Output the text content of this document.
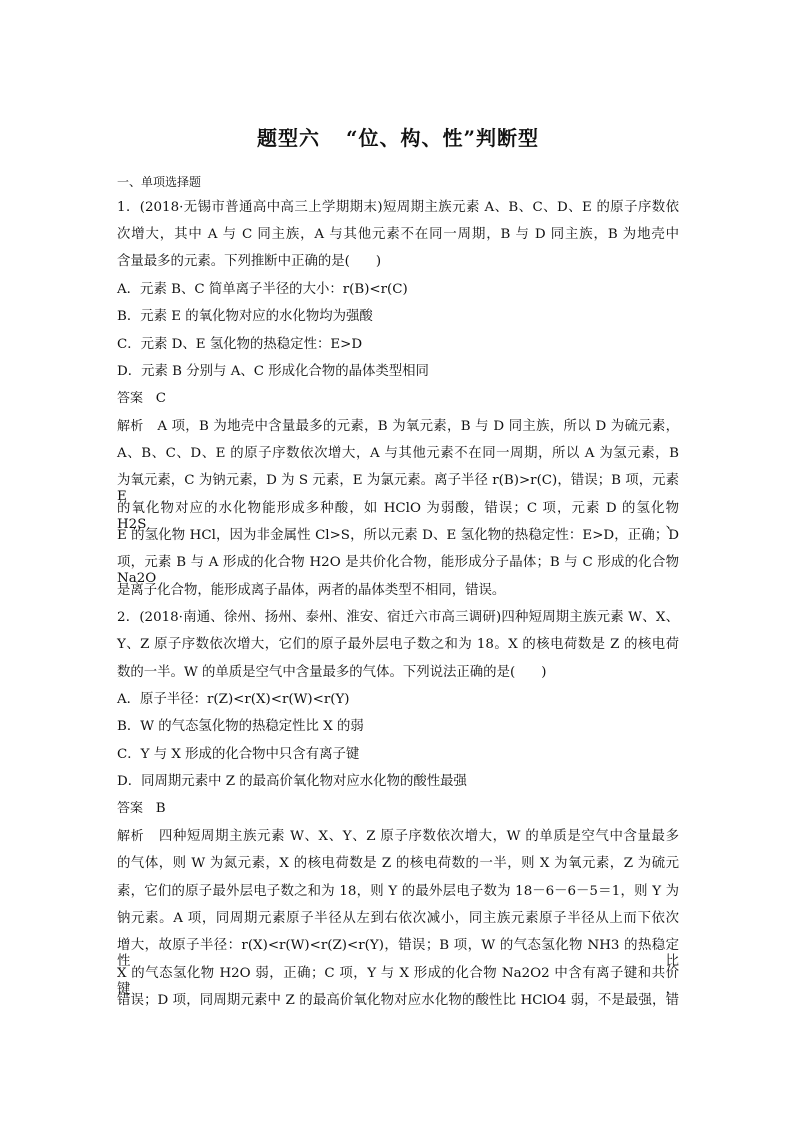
题型六 “位、构、性”判断型
一、单项选择题
1．(2018·无锡市普通高中高三上学期期末)短周期主族元素 A、B、C、D、E 的原子序数依
次增大，其中 A 与 C 同主族，A 与其他元素不在同一周期，B 与 D 同主族，B 为地壳中
含量最多的元素。下列推断中正确的是( )
A．元素 B、C 简单离子半径的大小：r(B)<r(C)
B．元素 E 的氧化物对应的水化物均为强酸
C．元素 D、E 氢化物的热稳定性：E>D
D．元素 B 分别与 A、C 形成化合物的晶体类型相同
答案 C
解析 A 项，B 为地壳中含量最多的元素，B 为氧元素，B 与 D 同主族，所以 D 为硫元素，
A、B、C、D、E 的原子序数依次增大，A 与其他元素不在同一周期，所以 A 为氢元素，B
为氧元素，C 为钠元素，D 为 S 元素，E 为氯元素。离子半径 r(B)>r(C)，错误；B 项，元素 E
的氧化物对应的水化物能形成多种酸，如 HClO 为弱酸，错误；C 项，元素 D 的氢化物 H2S、
E 的氢化物 HCl，因为非金属性 Cl>S，所以元素 D、E 氢化物的热稳定性：E>D，正确；D
项，元素 B 与 A 形成的化合物 H2O 是共价化合物，能形成分子晶体；B 与 C 形成的化合物 Na2O
是离子化合物，能形成离子晶体，两者的晶体类型不相同，错误。
2．(2018·南通、徐州、扬州、泰州、淮安、宿迁六市高三调研)四种短周期主族元素 W、X、
Y、Z 原子序数依次增大，它们的原子最外层电子数之和为 18。X 的核电荷数是 Z 的核电荷
数的一半。W 的单质是空气中含量最多的气体。下列说法正确的是( )
A．原子半径：r(Z)<r(X)<r(W)<r(Y)
B．W 的气态氢化物的热稳定性比 X 的弱
C．Y 与 X 形成的化合物中只含有离子键
D．同周期元素中 Z 的最高价氧化物对应水化物的酸性最强
答案 B
解析 四种短周期主族元素 W、X、Y、Z 原子序数依次增大，W 的单质是空气中含量最多
的气体，则 W 为氮元素，X 的核电荷数是 Z 的核电荷数的一半，则 X 为氧元素，Z 为硫元
素，它们的原子最外层电子数之和为 18，则 Y 的最外层电子数为 18－6－6－5＝1，则 Y 为
钠元素。A 项，同周期元素原子半径从左到右依次减小，同主族元素原子半径从上而下依次
增大，故原子半径：r(X)<r(W)<r(Z)<r(Y)，错误；B 项，W 的气态氢化物 NH3 的热稳定性比
X 的气态氢化物 H2O 弱，正确；C 项，Y 与 X 形成的化合物 Na2O2 中含有离子键和共价键，
错误；D 项，同周期元素中 Z 的最高价氧化物对应水化物的酸性比 HClO4 弱，不是最强，错
